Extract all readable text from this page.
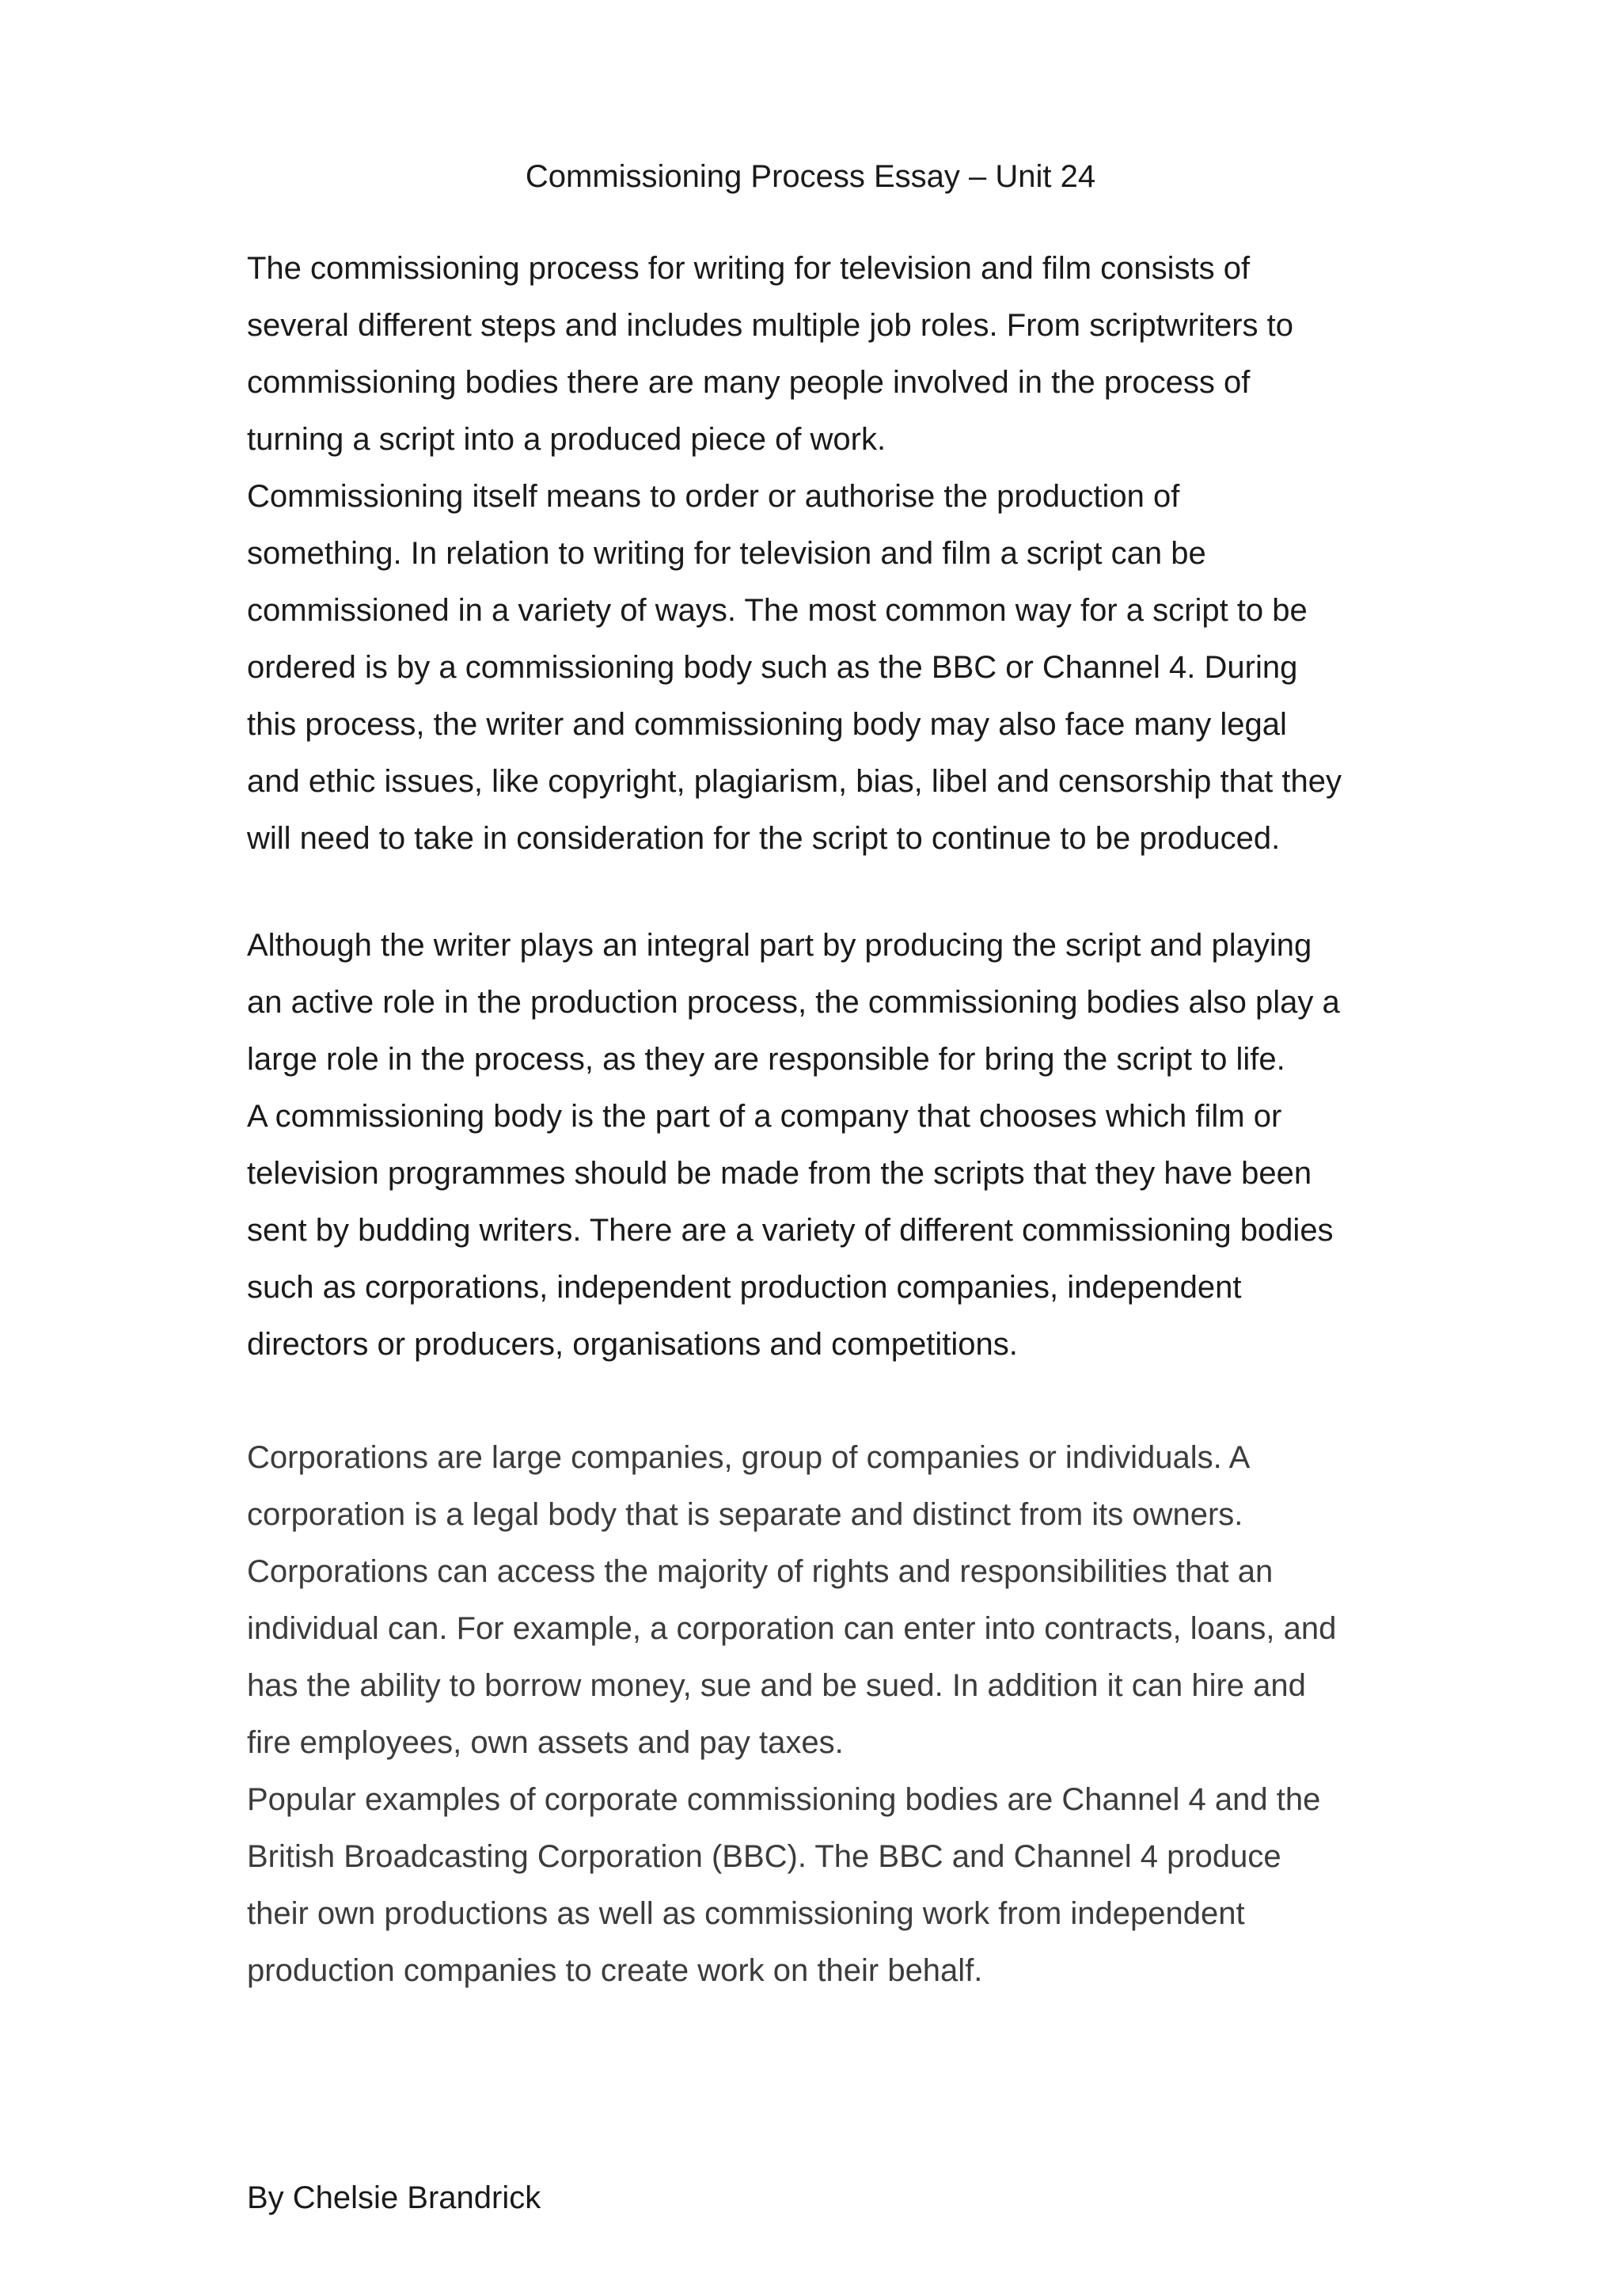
Commissioning Process Essay – Unit 24
The commissioning process for writing for television and film consists of
several different steps and includes multiple job roles. From scriptwriters to
commissioning bodies there are many people involved in the process of
turning a script into a produced piece of work.
Commissioning itself means to order or authorise the production of
something. In relation to writing for television and film a script can be
commissioned in a variety of ways. The most common way for a script to be
ordered is by a commissioning body such as the BBC or Channel 4. During
this process, the writer and commissioning body may also face many legal
and ethic issues, like copyright, plagiarism, bias, libel and censorship that they
will need to take in consideration for the script to continue to be produced.
Although the writer plays an integral part by producing the script and playing
an active role in the production process, the commissioning bodies also play a
large role in the process, as they are responsible for bring the script to life.
A commissioning body is the part of a company that chooses which film or
television programmes should be made from the scripts that they have been
sent by budding writers. There are a variety of different commissioning bodies
such as corporations, independent production companies, independent
directors or producers, organisations and competitions.
Corporations are large companies, group of companies or individuals. A
corporation is a legal body that is separate and distinct from its owners.
Corporations can access the majority of rights and responsibilities that an
individual can. For example, a corporation can enter into contracts, loans, and
has the ability to borrow money, sue and be sued. In addition it can hire and
fire employees, own assets and pay taxes.
Popular examples of corporate commissioning bodies are Channel 4 and the
British Broadcasting Corporation (BBC). The BBC and Channel 4 produce
their own productions as well as commissioning work from independent
production companies to create work on their behalf.

By Chelsie Brandrick
